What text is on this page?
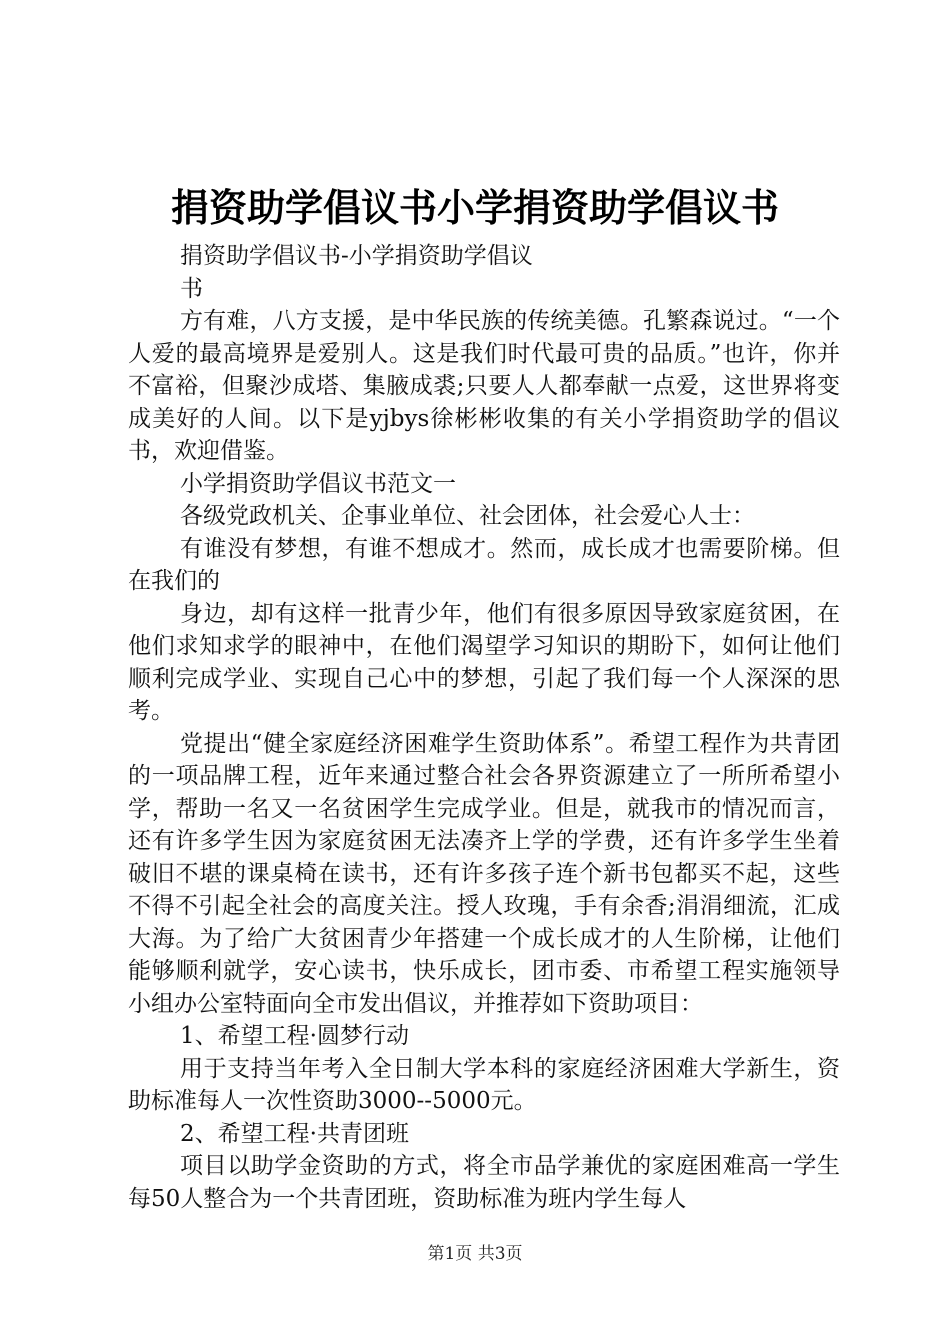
捐资助学倡议书小学捐资助学倡议书

捐资助学倡议书-小学捐资助学倡议

书

方有难，八方支援，是中华民族的传统美德。孔繁森说过。“一个人爱的最高境界是爱别人。这是我们时代最可贵的品质。”也许，你并不富裕，但聚沙成塔、集腋成裘;只要人人都奉献一点爱，这世界将变成美好的人间。以下是yjbys徐彬彬收集的有关小学捐资助学的倡议书，欢迎借鉴。

小学捐资助学倡议书范文一

各级党政机关、企事业单位、社会团体，社会爱心人士：

有谁没有梦想，有谁不想成才。然而，成长成才也需要阶梯。但在我们的

身边，却有这样一批青少年，他们有很多原因导致家庭贫困，在他们求知求学的眼神中，在他们渴望学习知识的期盼下，如何让他们顺利完成学业、实现自己心中的梦想，引起了我们每一个人深深的思考。

党提出“健全家庭经济困难学生资助体系”。希望工程作为共青团的一项品牌工程，近年来通过整合社会各界资源建立了一所所希望小学，帮助一名又一名贫困学生完成学业。但是，就我市的情况而言，还有许多学生因为家庭贫困无法凑齐上学的学费，还有许多学生坐着破旧不堪的课桌椅在读书，还有许多孩子连个新书包都买不起，这些不得不引起全社会的高度关注。授人玫瑰，手有余香;涓涓细流，汇成大海。为了给广大贫困青少年搭建一个成长成才的人生阶梯，让他们能够顺利就学，安心读书，快乐成长，团市委、市希望工程实施领导小组办公室特面向全市发出倡议，并推荐如下资助项目：

1、希望工程·圆梦行动

用于支持当年考入全日制大学本科的家庭经济困难大学新生，资助标准每人一次性资助3000--5000元。

2、希望工程·共青团班

项目以助学金资助的方式，将全市品学兼优的家庭困难高一学生每50人整合为一个共青团班，资助标准为班内学生每人

第1页 共3页
